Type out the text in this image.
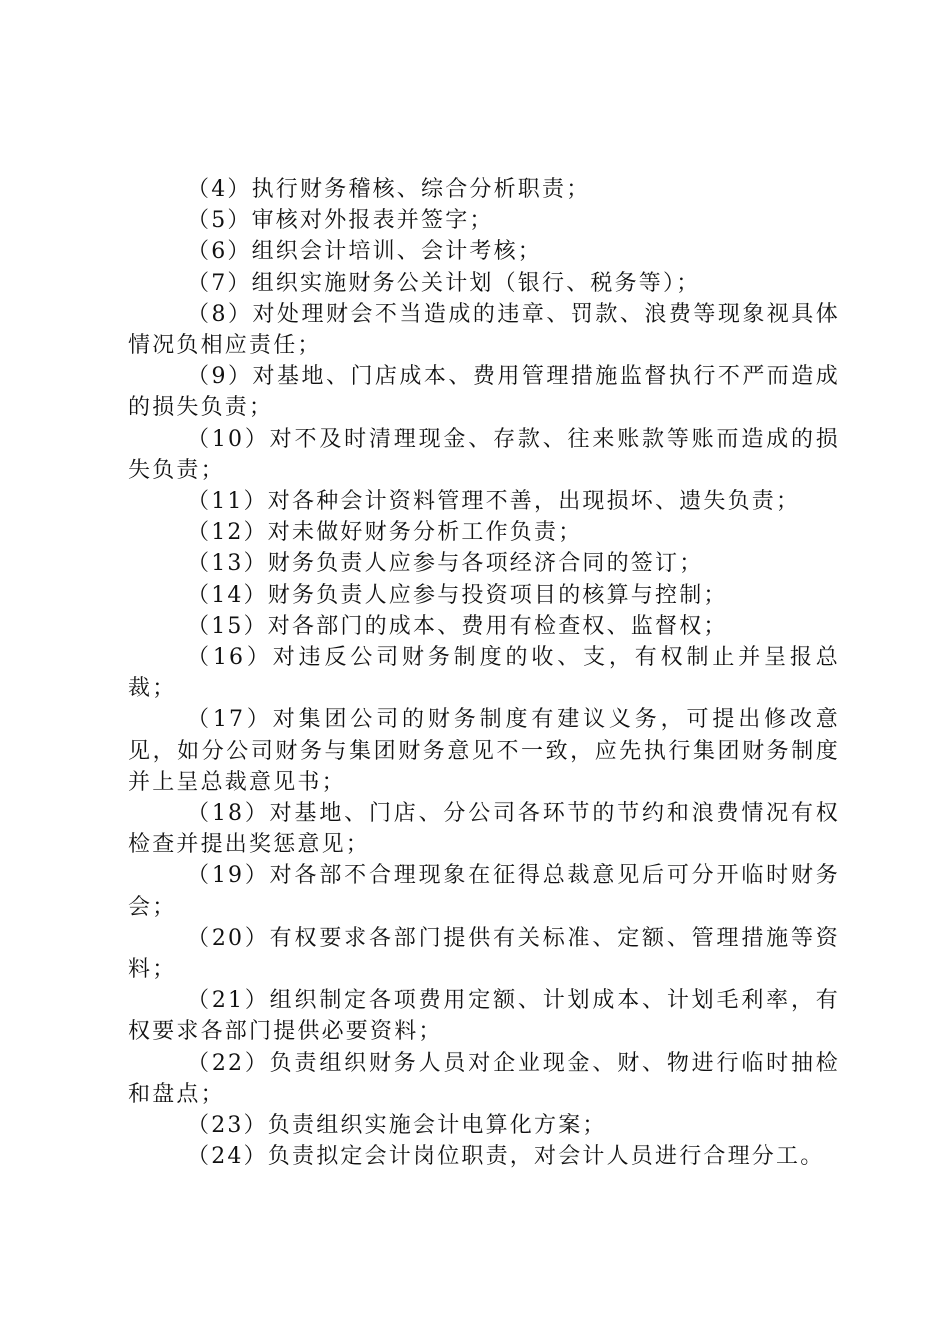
（4）执行财务稽核、综合分析职责；

（5）审核对外报表并签字；

（6）组织会计培训、会计考核；

（7）组织实施财务公关计划（银行、税务等）；

（8）对处理财会不当造成的违章、罚款、浪费等现象视具体情况负相应责任；

（9）对基地、门店成本、费用管理措施监督执行不严而造成的损失负责；

（10）对不及时清理现金、存款、往来账款等账而造成的损失负责；

（11）对各种会计资料管理不善，出现损坏、遗失负责；

（12）对未做好财务分析工作负责；

（13）财务负责人应参与各项经济合同的签订；

（14）财务负责人应参与投资项目的核算与控制；

（15）对各部门的成本、费用有检查权、监督权；

（16）对违反公司财务制度的收、支，有权制止并呈报总裁；

（17）对集团公司的财务制度有建议义务，可提出修改意见，如分公司财务与集团财务意见不一致，应先执行集团财务制度并上呈总裁意见书；

（18）对基地、门店、分公司各环节的节约和浪费情况有权检查并提出奖惩意见；

（19）对各部不合理现象在征得总裁意见后可分开临时财务会；

（20）有权要求各部门提供有关标准、定额、管理措施等资料；

（21）组织制定各项费用定额、计划成本、计划毛利率，有权要求各部门提供必要资料；

（22）负责组织财务人员对企业现金、财、物进行临时抽检和盘点；

（23）负责组织实施会计电算化方案；

（24）负责拟定会计岗位职责，对会计人员进行合理分工。
